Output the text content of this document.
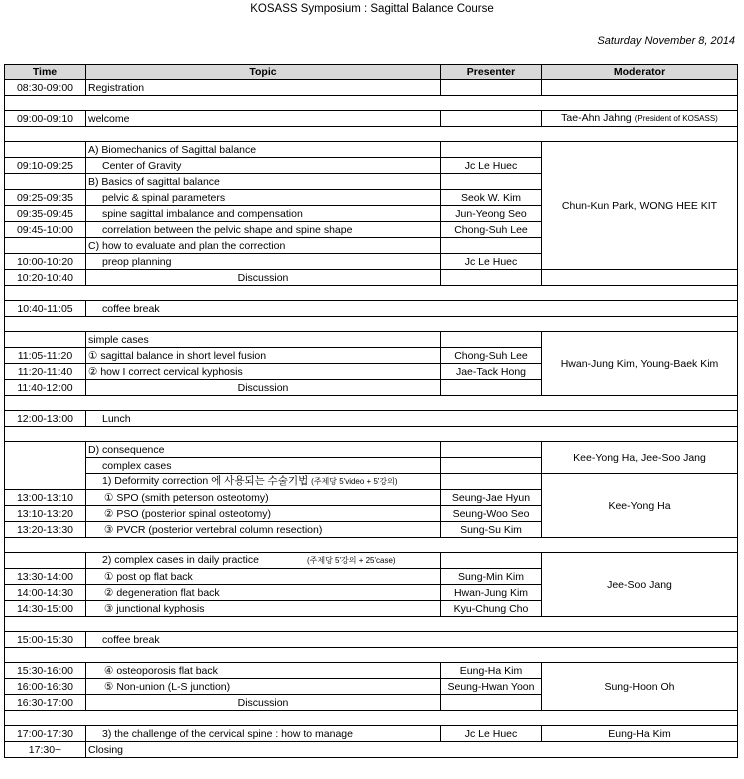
KOSASS Symposium : Sagittal Balance Course
Saturday November 8, 2014
Time	Topic	Presenter	Moderator
08:30-09:00	Registration		

09:00-09:10	welcome		Tae-Ahn Jahng (President of KOSASS)

	A) Biomechanics of Sagittal balance		Chun-Kun Park, WONG HEE KIT
09:10-09:25	Center of Gravity	Jc Le Huec	
	B) Basics of sagittal balance		
09:25-09:35	pelvic & spinal parameters	Seok W. Kim	
09:35-09:45	spine sagittal imbalance and compensation	Jun-Yeong Seo	
09:45-10:00	correlation between the pelvic shape and spine shape	Chong-Suh Lee	
	C) how to evaluate and plan the correction		
10:00-10:20	preop planning	Jc Le Huec	
10:20-10:40	Discussion		

10:40-11:05	coffee break		

	simple cases		Hwan-Jung Kim, Young-Baek Kim
11:05-11:20	① sagittal balance in short level fusion	Chong-Suh Lee	
11:20-11:40	② how I correct cervical kyphosis	Jae-Tack Hong	
11:40-12:00	Discussion		

12:00-13:00	Lunch		

	D) consequence		Kee-Yong Ha, Jee-Soo Jang
	complex cases		
	1) Deformity correction 에 사용되는 수술기법 (주제당 5'video + 5'강의)		Kee-Yong Ha
13:00-13:10	① SPO (smith peterson osteotomy)	Seung-Jae Hyun	
13:10-13:20	② PSO (posterior spinal osteotomy)	Seung-Woo Seo	
13:20-13:30	③ PVCR (posterior vertebral column resection)	Sung-Su Kim	

	2) complex cases in daily practice (주제당 5'강의 + 25'case)		Jee-Soo Jang
13:30-14:00	① post op flat back	Sung-Min Kim	
14:00-14:30	② degeneration flat back	Hwan-Jung Kim	
14:30-15:00	③ junctional kyphosis	Kyu-Chung Cho	

15:00-15:30	coffee break		

15:30-16:00	④ osteoporosis flat back	Eung-Ha Kim	Sung-Hoon Oh
16:00-16:30	⑤ Non-union (L-S junction)	Seung-Hwan Yoon	
16:30-17:00	Discussion		

17:00-17:30	3) the challenge of the cervical spine : how to manage	Jc Le Huec	Eung-Ha Kim
17:30~	Closing		
